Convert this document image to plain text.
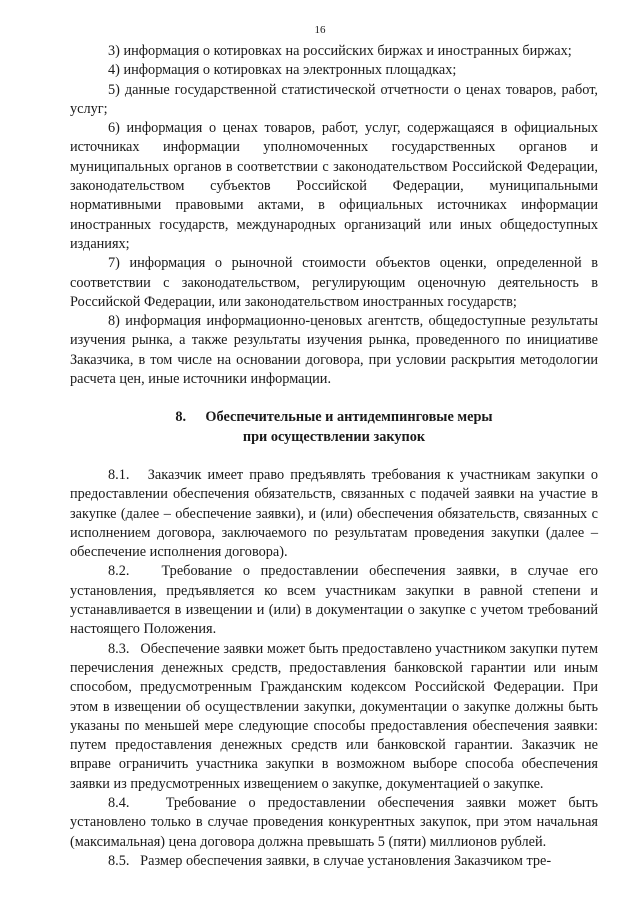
16

3) информация о котировках на российских биржах и иностранных биржах;

4) информация о котировках на электронных площадках;

5) данные государственной статистической отчетности о ценах товаров, работ, услуг;

6) информация о ценах товаров, работ, услуг, содержащаяся в официальных источниках информации уполномоченных государственных органов и муниципальных органов в соответствии с законодательством Российской Федерации, законодательством субъектов Российской Федерации, муниципальными нормативными правовыми актами, в официальных источниках информации иностранных государств, международных организаций или иных общедоступных изданиях;

7) информация о рыночной стоимости объектов оценки, определенной в соответствии с законодательством, регулирующим оценочную деятельность в Российской Федерации, или законодательством иностранных государств;

8) информация информационно-ценовых агентств, общедоступные результаты изучения рынка, а также результаты изучения рынка, проведенного по инициативе Заказчика, в том числе на основании договора, при условии раскрытия методологии расчета цен, иные источники информации.

8. Обеспечительные и антидемпинговые меры
при осуществлении закупок

8.1.   Заказчик имеет право предъявлять требования к участникам закупки о предоставлении обеспечения обязательств, связанных с подачей заявки на участие в закупке (далее – обеспечение заявки), и (или) обеспечения обязательств, связанных с исполнением договора, заключаемого по результатам проведения закупки (далее – обеспечение исполнения договора).

8.2.   Требование о предоставлении обеспечения заявки, в случае его установления, предъявляется ко всем участникам закупки в равной степени и устанавливается в извещении и (или) в документации о закупке с учетом требований настоящего Положения.

8.3.   Обеспечение заявки может быть предоставлено участником закупки путем перечисления денежных средств, предоставления банковской гарантии или иным способом, предусмотренным Гражданским кодексом Российской Федерации. При этом в извещении об осуществлении закупки, документации о закупке должны быть указаны по меньшей мере следующие способы предоставления обеспечения заявки: путем предоставления денежных средств или банковской гарантии. Заказчик не вправе ограничить участника закупки в возможном выборе способа обеспечения заявки из предусмотренных извещением о закупке, документацией о закупке.

8.4.   Требование о предоставлении обеспечения заявки может быть установлено только в случае проведения конкурентных закупок, при этом начальная (максимальная) цена договора должна превышать 5 (пяти) миллионов рублей.

8.5.   Размер обеспечения заявки, в случае установления Заказчиком тре-
